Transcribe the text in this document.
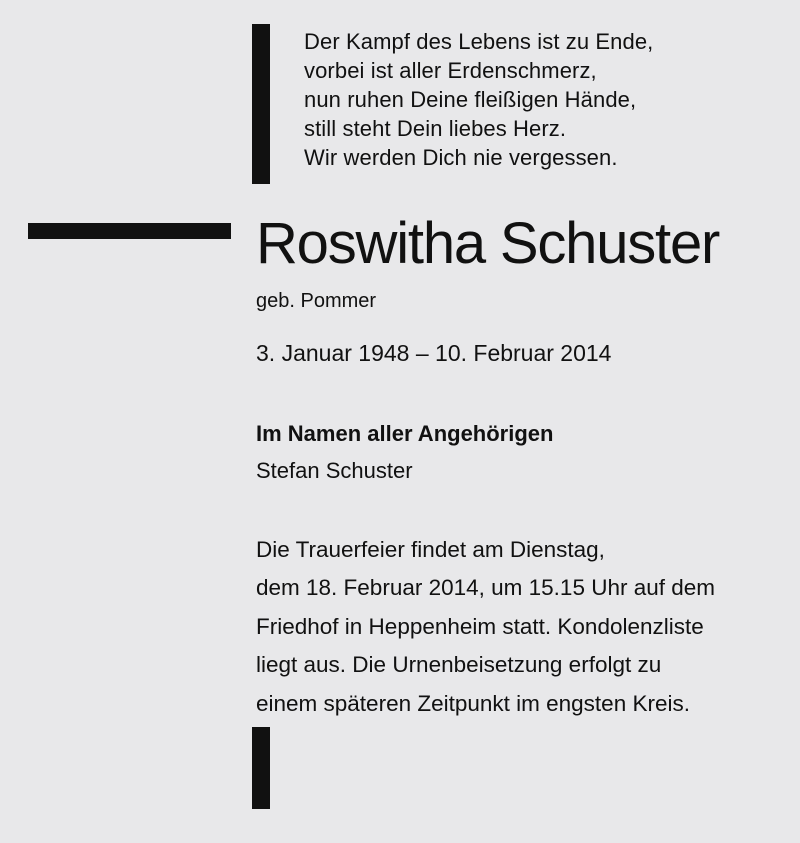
Der Kampf des Lebens ist zu Ende,
vorbei ist aller Erdenschmerz,
nun ruhen Deine fleißigen Hände,
still steht Dein liebes Herz.
Wir werden Dich nie vergessen.
Roswitha Schuster
geb. Pommer
3. Januar 1948 – 10. Februar 2014
Im Namen aller Angehörigen
Stefan Schuster
Die Trauerfeier findet am Dienstag,
dem 18. Februar 2014, um 15.15 Uhr auf dem
Friedhof in Heppenheim statt. Kondolenzliste
liegt aus. Die Urnenbeisetzung erfolgt zu
einem späteren Zeitpunkt im engsten Kreis.
